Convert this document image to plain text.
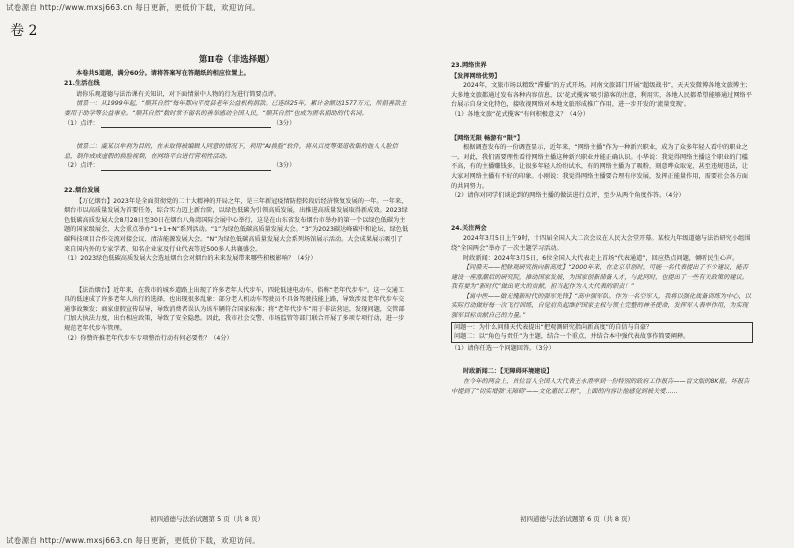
试卷源自 http://www.mxsj663.cn 每日更新，更低价下载，欢迎访问。
卷 2
第Ⅱ卷（非选择题）

本卷共5道题，满分60分。请将答案写在答题纸的相应位置上。

21.生活在线

请你乐观道德与法治课有关知识，对下面情景中人物的行为进行简要点评。

情景一：从1999年起，“顺其自然”每年都向平度县老年公益机构捐款。已连续25年，累计金额达1577万元，所捐善款主要用于助学等公益事业。“顺其自然”数时常不留名的善举感动全国人民，“顺其自然”也成为匿名捐助的代名词。

（1）点评：	（3分）

情景二：虞某以牟利为目的，在未取得被编辑人同意的情况下，利用“AI换脸”软件，将从百度等渠道收集的他人人脸信息，制作成成虚假的换脸视频，在网络平台进行营利性活动。

（2）点评：	（3分）

22.烟台发展

【万亿烟台】2023年是全面贯彻党的二十大精神的开局之年，是三年新冠疫情防控转段后经济恢复发展的一年。一年来，烟台市以高质量发展为首要任务，综合实力迈上新台阶，以绿色低碳为引领高质发展，出推进高质量发展取得新成效。2023绿色低碳高质发展大会8月28日至30日在烟台八角湾国际会展中心举行，这是在山东省发布烟台市举办的第一个以绿色低碳为主题的国家级展会、大会重点举办“1+1+N”系列活动。“1”为绿色低碳高质量发展大会。“3”为2023碳达峰碳中和论坛、绿色低碳科技项目合作交流对接会议、清洁能源发展大会。“N”为绿色低碳高质量发展大会系列场馆展示活动。大会成果展示吸引了来自国内外的专家学者、知名企业家及行业代表等近500多人共襄盛会。

（1）2023绿色低碳高质发展大会选址烟台会对烟台的未来发展带来哪些积极影响？（4分）

【法治烟台】近年来，在我市的城乡道路上出现了许多老年人代步车，四轮低速电动车，俗称“老年代步车”。这一交通工具的低速成了许多老年人出行的选择，也出现很多乱象：部分老人机动车驾驶员不具备驾驶技能上路，导致涉及老年代步车交通事故频发；商家虚假宣传误导，导致消费者误认为该车辆符合国家标准；将“老年代步车”用于非法营运，发现问题，交管部门加大执法力度，出台相应政策，导致了安全隐患。因此，我市社会交警、市场监管等部门联合开展了多项专项行动，进一步规范老年代步车管理。

（2）你赞许推老年代步车专项整治行动有何必要性？（4分）

23.网络世界

【发挥网络优势】

2024年，文旅市场以精致“滞播”的方式开场。河南文旅部门开展“超级战书”，天天发微博各地文旅博主；大多地文旅都通过发布各种内容信息，以‘花式揽客’吸引游客的注意，利用实，各地人民都希望能够通过网络平台展示自身文化特色，接收视网络对本地文旅形成推广作用，进一步开发的‘流量变现’。

（1）各地文旅“花式揽客”有何积极意义？（4分）

【网络无限 畅游有“限”】

根据调查发布的一份调查显示，近年来，“网络主播”作为一种新兴职业，成为了众多年轻人看中的职业之一。对此，我们需要理性看待网络主播这种新兴职业并能正确认识。小华说：我觉得网络主播这个职业的门槛不高，有的主播赚钱多，让很多年轻人纷纷试水，有的网络主播为了吸粉，刻意哗众取宠，甚至违规违法，让大家对网络主播有不好的印象。小刚说：我觉得网络主播要合理有序发展，发挥正能量作用，需要社会各方面的共同努力。

（2）请你对同学们谈论到的网络主播的做法进行点评，至少从两个角度作答。（4分）

24.关注两会

2024年3月5日上午9时，十四届全国人大二次会议在人民大会堂开幕。某校九年级道德与法治研究小组围绕“全国两会”举办了一次主题学习活动。

时政新闻：2024年3月5日，6位全国人大代表走上首场“代表通道”，回应热点问题，倾听民生心声。

【问鼎天——把脉观研究指向新高度】“2000年来，在北京草创时，可能一名代表提出了不少建议，能否建设一座涨潮后的研究院，推动国家发展，为国家创新储备人才，与此同时，也提出了一些有关政策的建议。我有要为“新时代”做出更大的贡献，担当起作为人大代表的职责！”

【寓中医——做无愧新时代的强军先锋】“高中强军队。作为一名空军人，我将以强化战备训练为中心，以实际行动做好每一次飞行训练，自觉肩负起维护国家主权与领土完整的神圣使命，发挥军人表率作用，为实现强军目标贡献自己的力量。”

问题一：为什么问鼎天代表提出“把观测研究指向新高度”的自信与自豪？
问题二：以“角色与责任”为主题，结合一个重点，并结合本中强代表故事作简要阐释。

（1）请你任选一个问题回答。（3分）

时政新闻二：【无障碍环境建设】

在今年的两会上，首位盲人全国人大代表王永澄率到一份特别的政府工作报告——盲文版的8K报。坏报告中提到了“切实增强‘无障碍’——文化惠民工程”，上面的内容让他感觉到被关爱……

初四道德与法治试题第 5 页（共 8 页）	初四道德与法治试题第 6 页（共 8 页）
试卷源自 http://www.mxsj663.cn 每日更新，更低价下载，欢迎访问。
